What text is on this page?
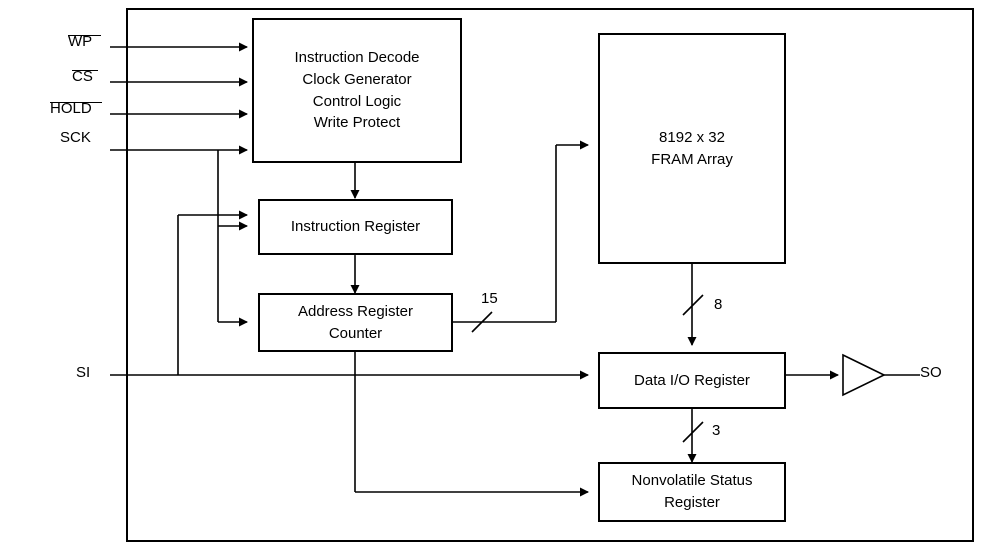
WP
CS
HOLD
SCK
SI	SO
15	8
3
Instruction Decode
Clock Generator
Control Logic
Write Protect
8192 x 32
FRAM Array
Instruction Register
Address Register
Counter
Data I/O Register
Nonvolatile Status
Register
